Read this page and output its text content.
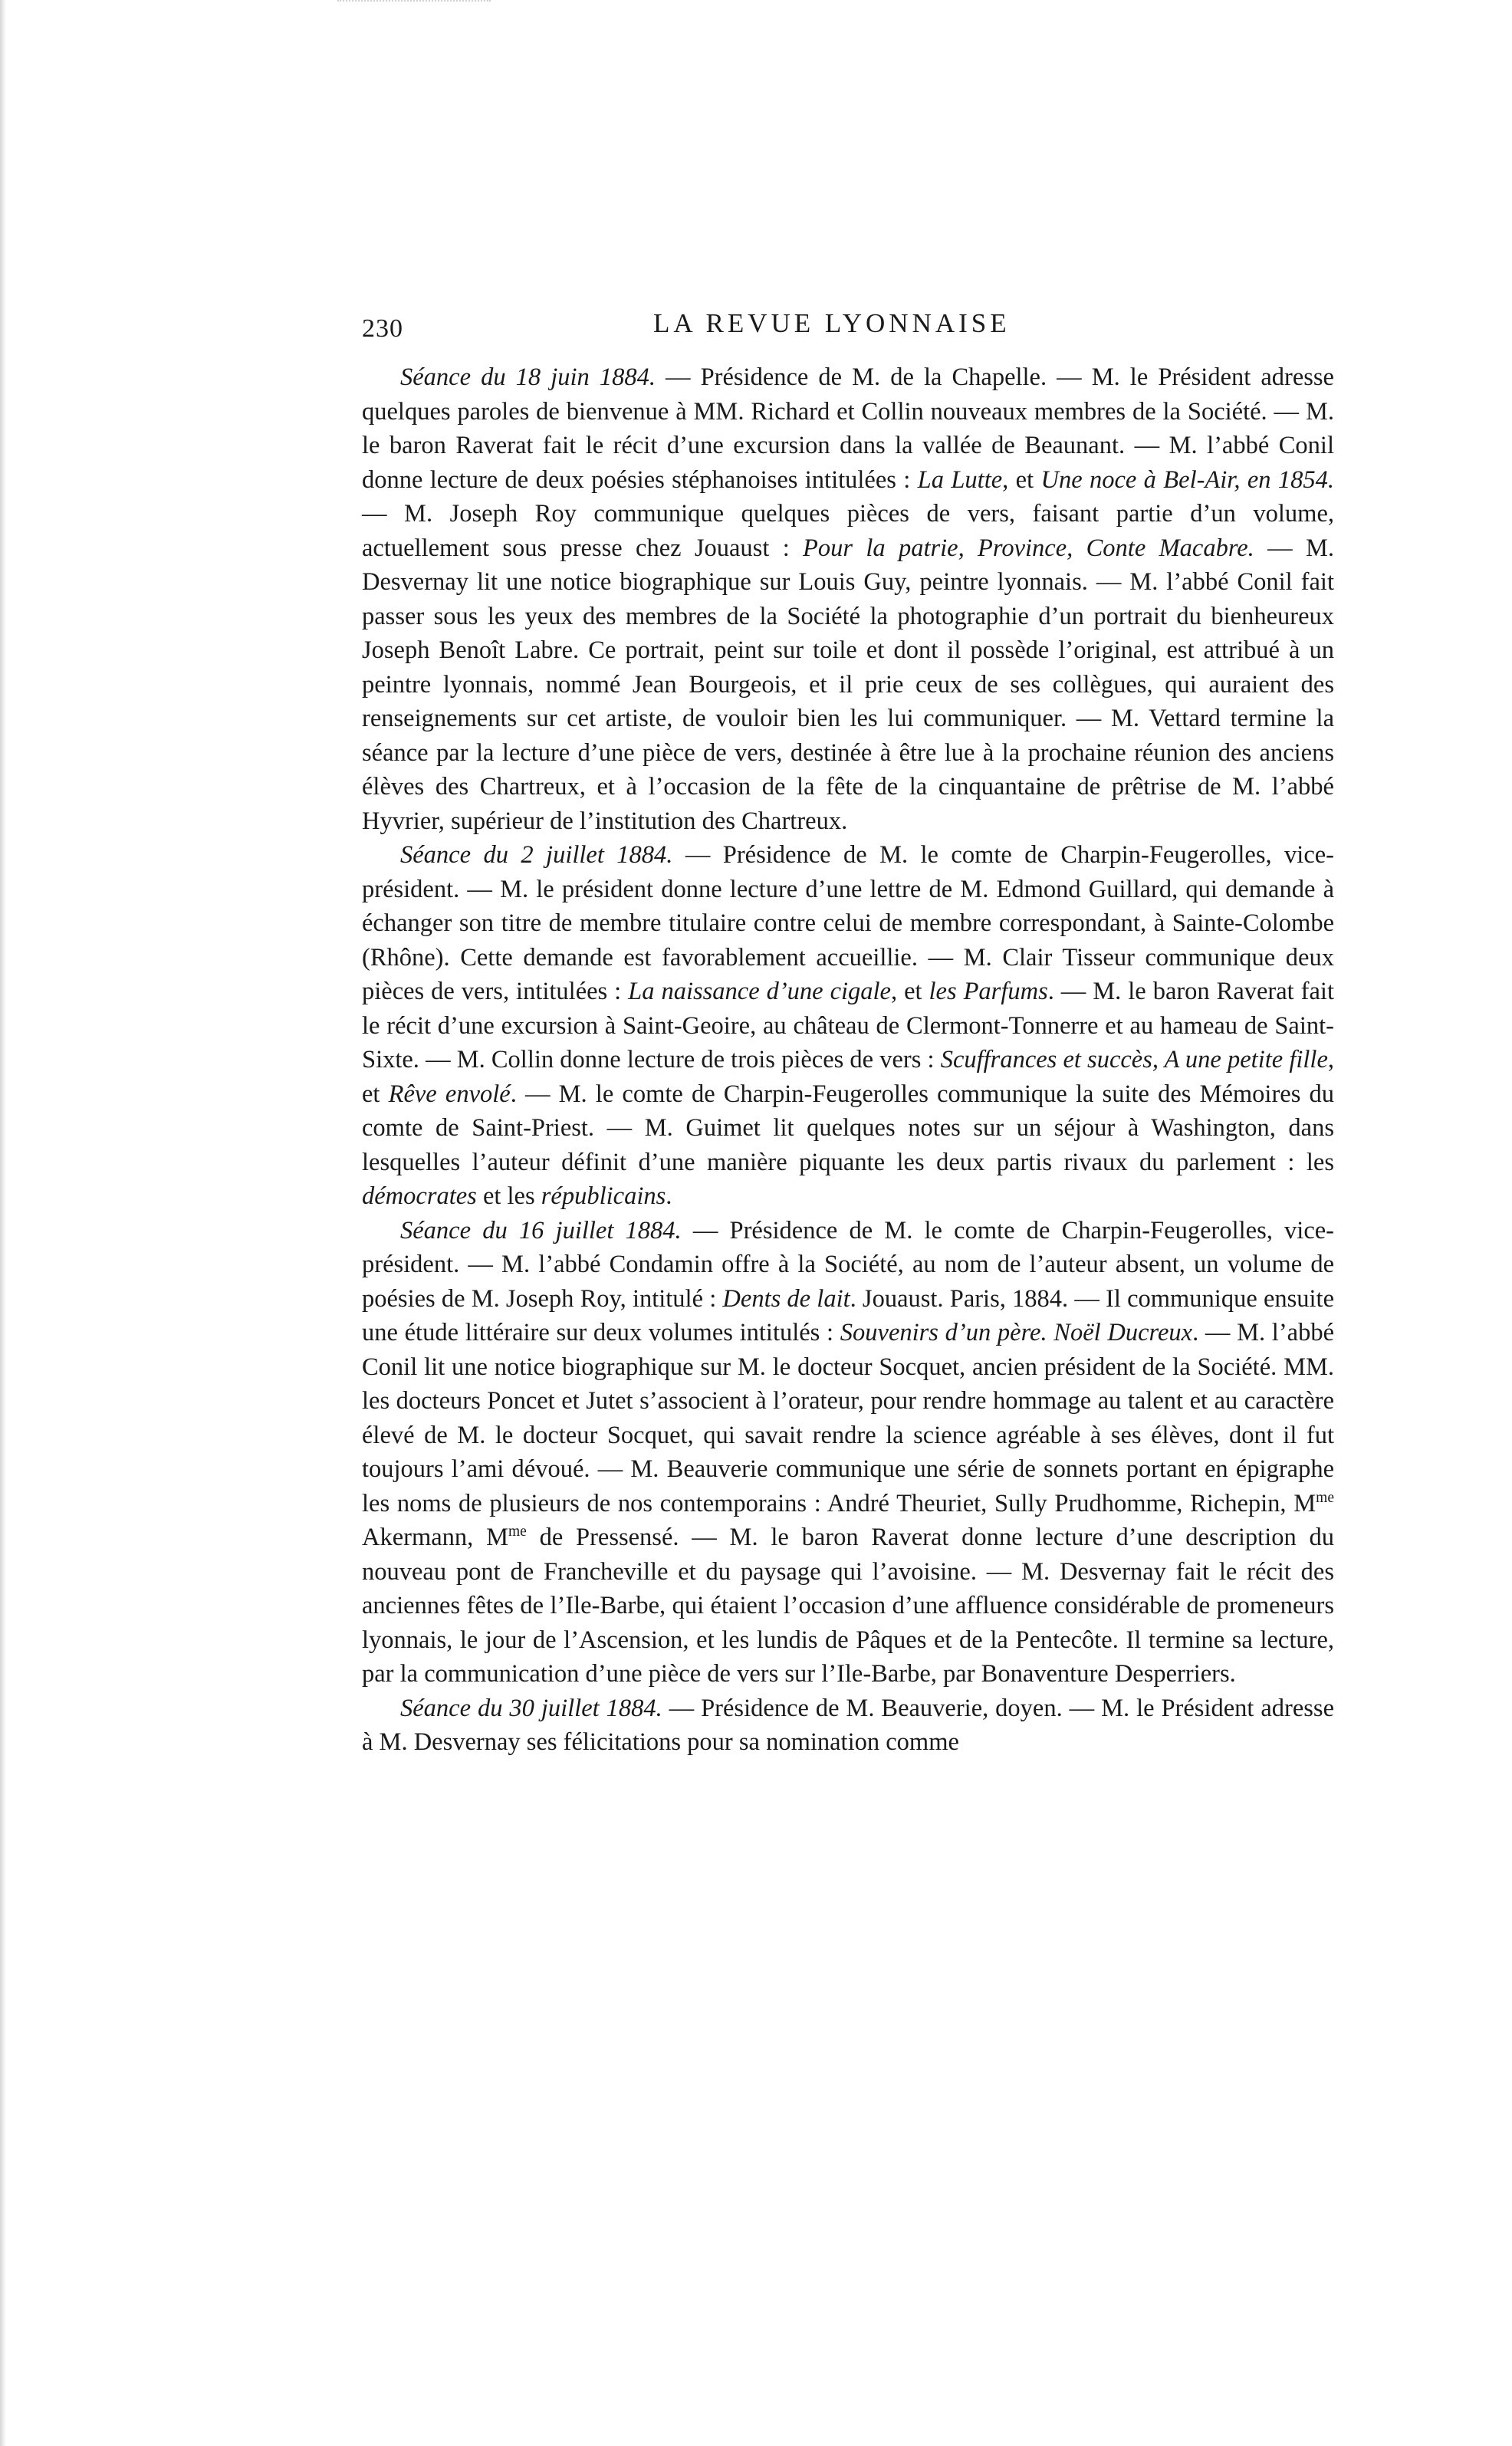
230	LA REVUE LYONNAISE

Séance du 18 juin 1884. — Présidence de M. de la Chapelle. — M. le Président adresse quelques paroles de bienvenue à MM. Richard et Collin nouveaux membres de la Société. — M. le baron Raverat fait le récit d’une excursion dans la vallée de Beaunant. — M. l’abbé Conil donne lecture de deux poésies stéphanoises intitulées : La Lutte, et Une noce à Bel-Air, en 1854. — M. Joseph Roy communique quelques pièces de vers, faisant partie d’un volume, actuellement sous presse chez Jouaust : Pour la patrie, Province, Conte Macabre. — M. Desvernay lit une notice biographique sur Louis Guy, peintre lyonnais. — M. l’abbé Conil fait passer sous les yeux des membres de la Société la photographie d’un portrait du bienheureux Joseph Benoît Labre. Ce portrait, peint sur toile et dont il possède l’original, est attribué à un peintre lyonnais, nommé Jean Bourgeois, et il prie ceux de ses collègues, qui auraient des renseignements sur cet artiste, de vouloir bien les lui communiquer. — M. Vettard termine la séance par la lecture d’une pièce de vers, destinée à être lue à la prochaine réunion des anciens élèves des Chartreux, et à l’occasion de la fête de la cinquantaine de prêtrise de M. l’abbé Hyvrier, supérieur de l’institution des Chartreux.

Séance du 2 juillet 1884. — Présidence de M. le comte de Charpin-Feugerolles, vice-président. — M. le président donne lecture d’une lettre de M. Edmond Guillard, qui demande à échanger son titre de membre titulaire contre celui de membre correspondant, à Sainte-Colombe (Rhône). Cette demande est favorablement accueillie. — M. Clair Tisseur communique deux pièces de vers, intitulées : La naissance d’une cigale, et les Parfums. — M. le baron Raverat fait le récit d’une excursion à Saint-Geoire, au château de Clermont-Tonnerre et au hameau de Saint-Sixte. — M. Collin donne lecture de trois pièces de vers : Scuffrances et succès, A une petite fille, et Rêve envolé. — M. le comte de Charpin-Feugerolles communique la suite des Mémoires du comte de Saint-Priest. — M. Guimet lit quelques notes sur un séjour à Washington, dans lesquelles l’auteur définit d’une manière piquante les deux partis rivaux du parlement : les démocrates et les républicains.

Séance du 16 juillet 1884. — Présidence de M. le comte de Charpin-Feugerolles, vice-président. — M. l’abbé Condamin offre à la Société, au nom de l’auteur absent, un volume de poésies de M. Joseph Roy, intitulé : Dents de lait. Jouaust. Paris, 1884. — Il communique ensuite une étude littéraire sur deux volumes intitulés : Souvenirs d’un père. Noël Ducreux. — M. l’abbé Conil lit une notice biographique sur M. le docteur Socquet, ancien président de la Société. MM. les docteurs Poncet et Jutet s’associent à l’orateur, pour rendre hommage au talent et au caractère élevé de M. le docteur Socquet, qui savait rendre la science agréable à ses élèves, dont il fut toujours l’ami dévoué. — M. Beauverie communique une série de sonnets portant en épigraphe les noms de plusieurs de nos contemporains : André Theuriet, Sully Prudhomme, Richepin, $M^{me}$ Akermann, $M^{me}$ de Pressensé. — M. le baron Raverat donne lecture d’une description du nouveau pont de Francheville et du paysage qui l’avoisine. — M. Desvernay fait le récit des anciennes fêtes de l’Ile-Barbe, qui étaient l’occasion d’une affluence considérable de promeneurs lyonnais, le jour de l’Ascension, et les lundis de Pâques et de la Pentecôte. Il termine sa lecture, par la communication d’une pièce de vers sur l’Ile-Barbe, par Bonaventure Desperriers.

Séance du 30 juillet 1884. — Présidence de M. Beauverie, doyen. — M. le Président adresse à M. Desvernay ses félicitations pour sa nomination comme
